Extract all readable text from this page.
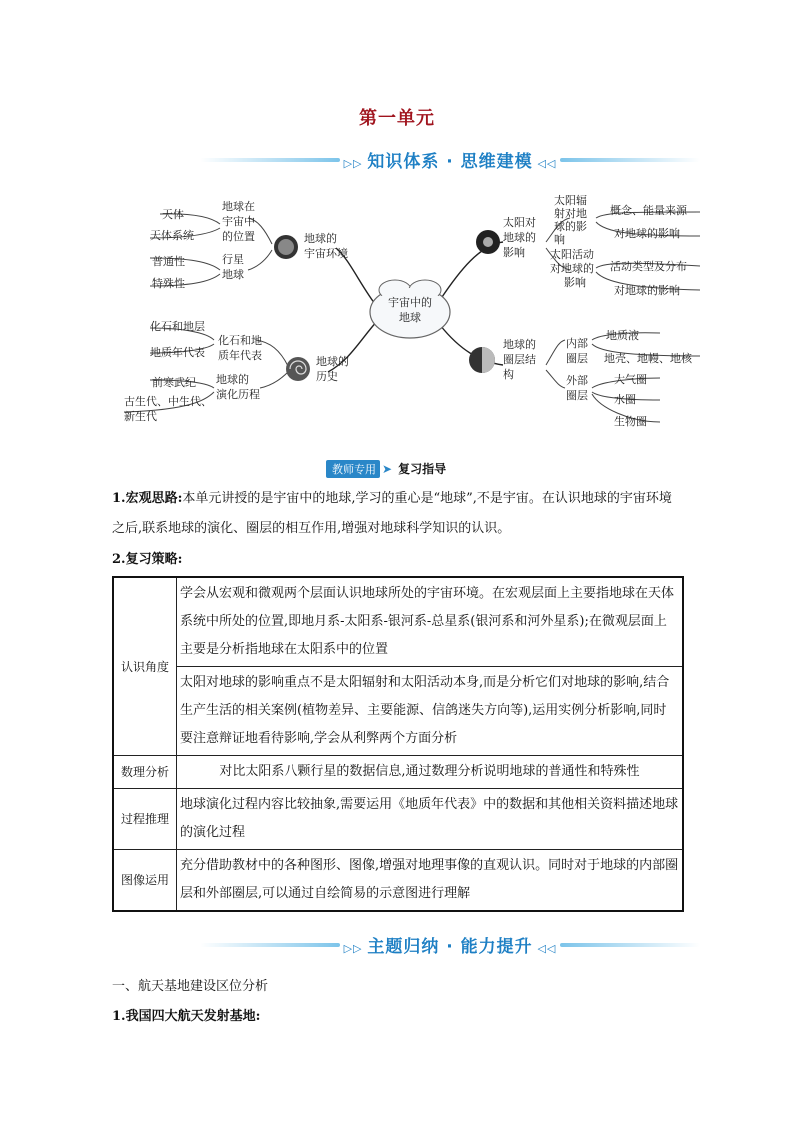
第一单元
▷▷ 知识体系 · 思维建模 ◁◁
宇宙中的
地球
地球的
宇宙环境
地球的
历史
太阳对
地球的
影响
地球的
圈层结
构
地球在
宇宙中
的位置
行星
地球
天体
天体系统
普通性
特殊性
化石和地
质年代表
地球的
演化历程
化石和地层
地质年代表
前寒武纪
古生代、中生代、
新生代
太阳辐
射对地
球的影
响
太阳活动
对地球的
影响
概念、能量来源
对地球的影响
活动类型及分布
对地球的影响
内部
圈层
外部
圈层
地质液
地壳、地幔、地核
大气圈
水圈
生物圈
教师专用 ➤ 复习指导
1.宏观思路:本单元讲授的是宇宙中的地球,学习的重心是“地球”,不是宇宙。在认识地球的宇宙环境之后,联系地球的演化、圈层的相互作用,增强对地球科学知识的认识。
2.复习策略:
认识角度	学会从宏观和微观两个层面认识地球所处的宇宙环境。在宏观层面上主要指地球在天体系统中所处的位置,即地月系-太阳系-银河系-总星系(银河系和河外星系);在微观层面上主要是分析指地球在太阳系中的位置
	太阳对地球的影响重点不是太阳辐射和太阳活动本身,而是分析它们对地球的影响,结合生产生活的相关案例(植物差异、主要能源、信鸽迷失方向等),运用实例分析影响,同时要注意辩证地看待影响,学会从利弊两个方面分析
数理分析	对比太阳系八颗行星的数据信息,通过数理分析说明地球的普通性和特殊性
过程推理	地球演化过程内容比较抽象,需要运用《地质年代表》中的数据和其他相关资料描述地球的演化过程
图像运用	充分借助教材中的各种图形、图像,增强对地理事像的直观认识。同时对于地球的内部圈层和外部圈层,可以通过自绘简易的示意图进行理解
▷▷ 主题归纳 · 能力提升 ◁◁
一、航天基地建设区位分析
1.我国四大航天发射基地:
